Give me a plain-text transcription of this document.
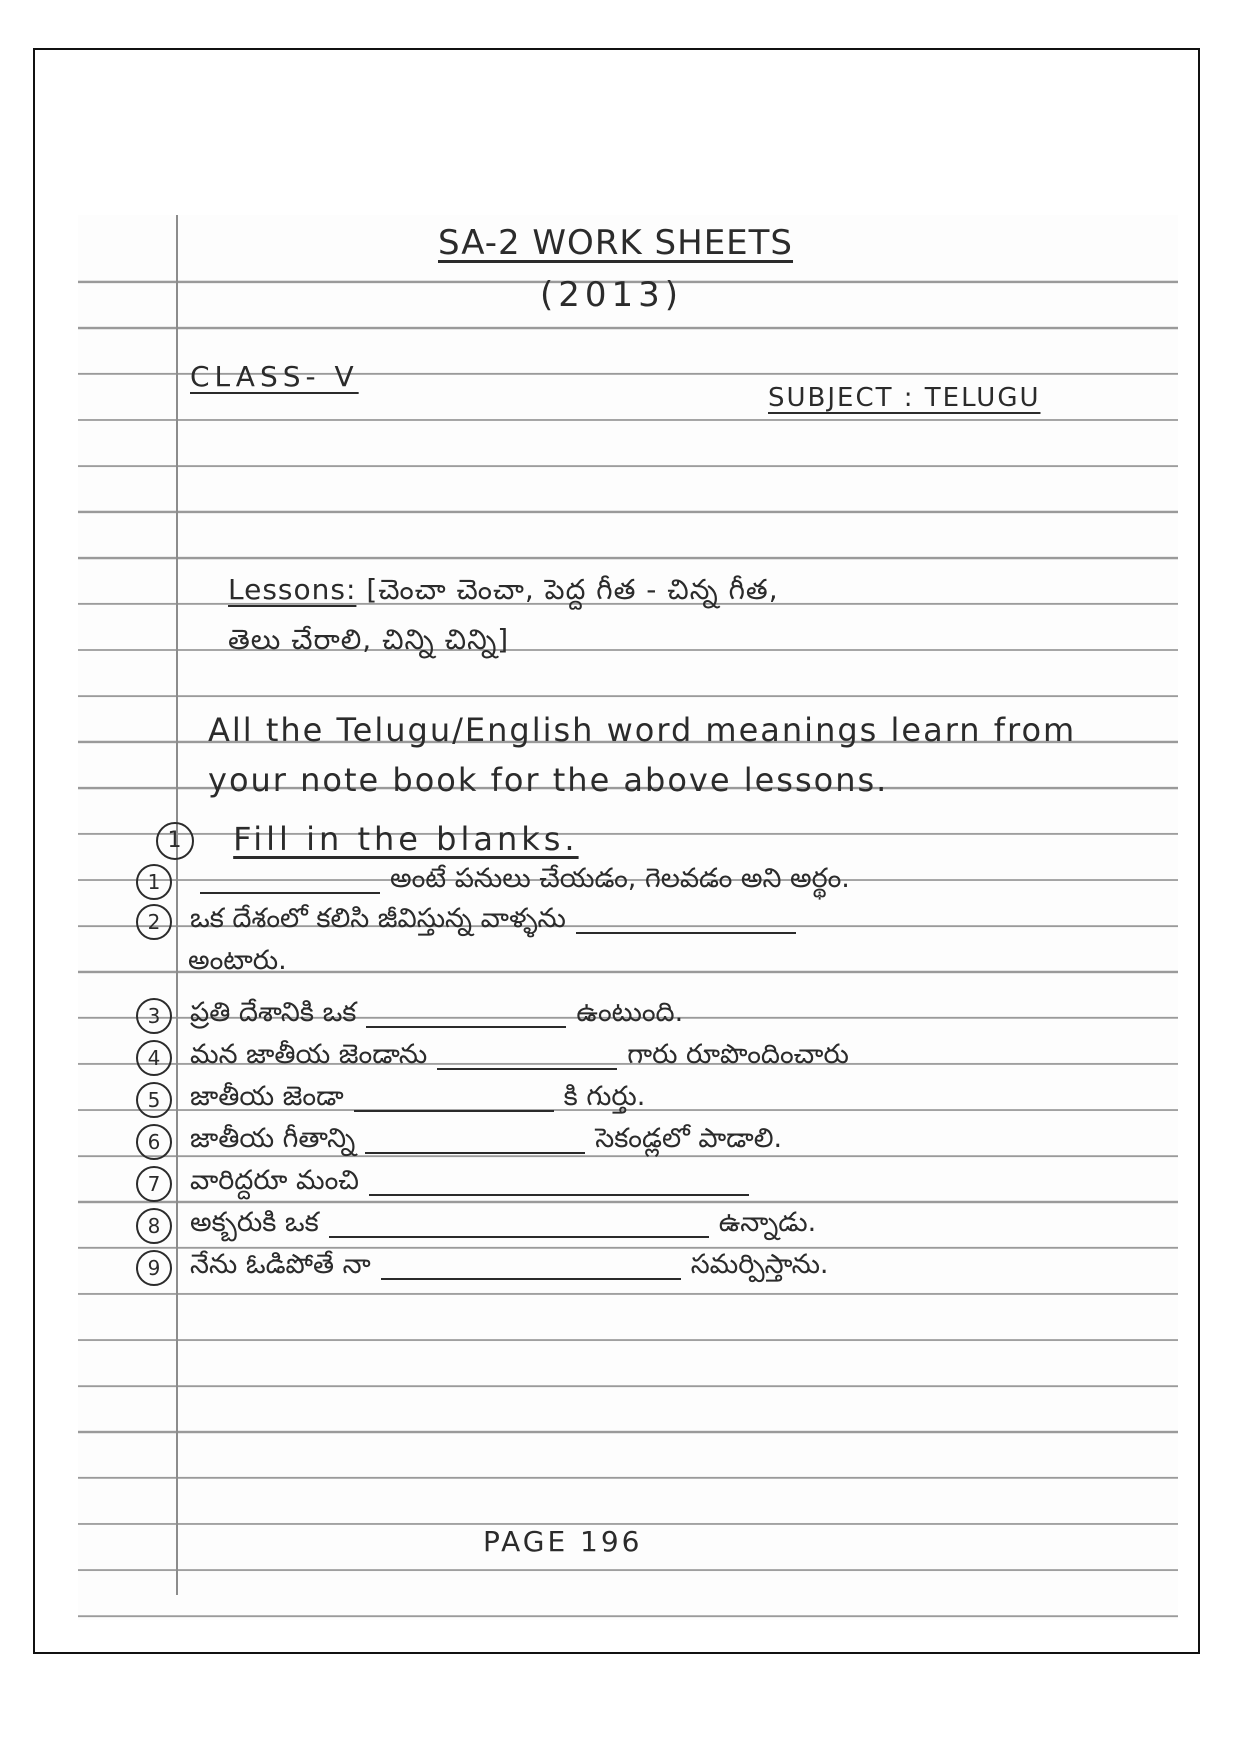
SA-2 WORK SHEETS
(2013)
CLASS- V
SUBJECT : TELUGU
Lessons: [చెంచా చెంచా, పెద్ద గీత - చిన్న గీత,
తెలు చేరాలి, చిన్ని చిన్ని]
All the Telugu/English word meanings learn from
your note book for the above lessons.
1 Fill in the blanks.
1	అంటే పనులు చేయడం, గెలవడం అని అర్థం.
2	ఒక దేశంలో కలిసి జీవిస్తున్న వాళ్ళను
అంటారు.
3	ప్రతి దేశానికి ఒక	ఉంటుంది.
4	మన జాతీయ జెండాను	గారు రూపొందించారు
5	జాతీయ జెండా	కి గుర్తు.
6	జాతీయ గీతాన్ని	సెకండ్లలో పాడాలి.
7	వారిద్దరూ మంచి
8	అక్బరుకి ఒక	ఉన్నాడు.
9	నేను ఓడిపోతే నా	సమర్పిస్తాను.
PAGE 196
